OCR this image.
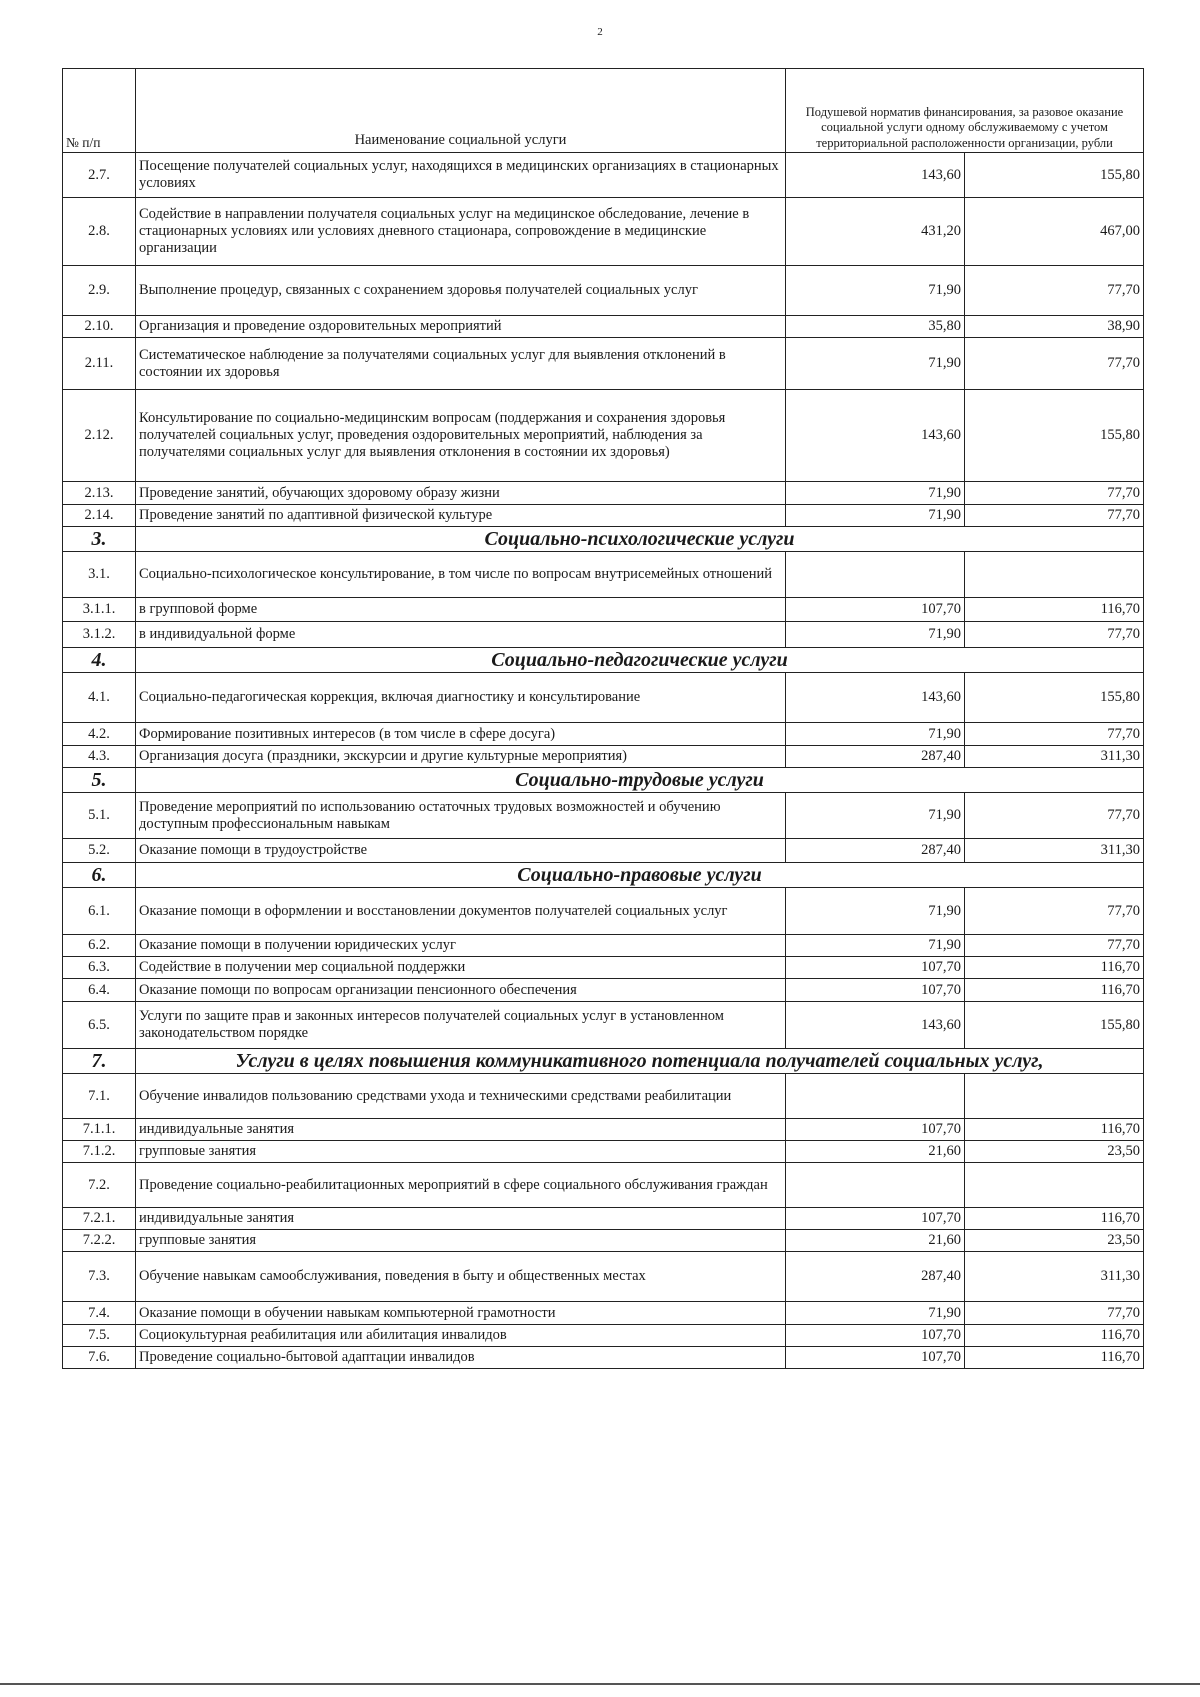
2
№ п/п	Наименование социальной услуги	Подушевой норматив финансирования, за разовое оказание социальной услуги одному обслуживаемому с учетом территориальной расположенности организации, рубли	
2.7.	Посещение получателей социальных услуг, находящихся в медицинских организациях в стационарных условиях	143,60	155,80
2.8.	Содействие в направлении получателя социальных услуг на медицинское обследование, лечение в стационарных условиях или условиях дневного стационара, сопровождение в медицинские организации	431,20	467,00
2.9.	Выполнение процедур, связанных с сохранением здоровья получателей социальных услуг	71,90	77,70
2.10.	Организация и проведение оздоровительных мероприятий	35,80	38,90
2.11.	Систематическое наблюдение за получателями социальных услуг для выявления отклонений в состоянии их здоровья	71,90	77,70
2.12.	Консультирование по социально-медицинским вопросам (поддержания и сохранения здоровья получателей социальных услуг, проведения оздоровительных мероприятий, наблюдения за получателями социальных услуг для выявления отклонения в состоянии их здоровья)	143,60	155,80
2.13.	Проведение занятий, обучающих здоровому образу жизни	71,90	77,70
2.14.	Проведение занятий по адаптивной физической культуре	71,90	77,70
3.	Социально-психологические услуги		
3.1.	Социально-психологическое консультирование, в том числе по вопросам внутрисемейных отношений		
3.1.1.	в групповой форме	107,70	116,70
3.1.2.	в индивидуальной форме	71,90	77,70
4.	Социально-педагогические услуги		
4.1.	Социально-педагогическая коррекция, включая диагностику и консультирование	143,60	155,80
4.2.	Формирование позитивных интересов (в том числе в сфере досуга)	71,90	77,70
4.3.	Организация досуга (праздники, экскурсии и другие культурные мероприятия)	287,40	311,30
5.	Социально-трудовые услуги		
5.1.	Проведение мероприятий по использованию остаточных трудовых возможностей и обучению доступным профессиональным навыкам	71,90	77,70
5.2.	Оказание помощи в трудоустройстве	287,40	311,30
6.	Социально-правовые услуги		
6.1.	Оказание помощи в оформлении и восстановлении документов получателей социальных услуг	71,90	77,70
6.2.	Оказание помощи в получении юридических услуг	71,90	77,70
6.3.	Содействие в получении мер социальной поддержки	107,70	116,70
6.4.	Оказание помощи по вопросам организации пенсионного обеспечения	107,70	116,70
6.5.	Услуги по защите прав и законных интересов получателей социальных услуг в установленном законодательством порядке	143,60	155,80
7.	Услуги в целях повышения коммуникативного потенциала получателей социальных услуг,		
7.1.	Обучение инвалидов пользованию средствами ухода и техническими средствами реабилитации		
7.1.1.	индивидуальные занятия	107,70	116,70
7.1.2.	групповые занятия	21,60	23,50
7.2.	Проведение социально-реабилитационных мероприятий в сфере социального обслуживания граждан		
7.2.1.	индивидуальные занятия	107,70	116,70
7.2.2.	групповые занятия	21,60	23,50
7.3.	Обучение навыкам самообслуживания, поведения в быту и общественных местах	287,40	311,30
7.4.	Оказание помощи в обучении навыкам компьютерной грамотности	71,90	77,70
7.5.	Социокультурная реабилитация или абилитация инвалидов	107,70	116,70
7.6.	Проведение социально-бытовой адаптации инвалидов	107,70	116,70
